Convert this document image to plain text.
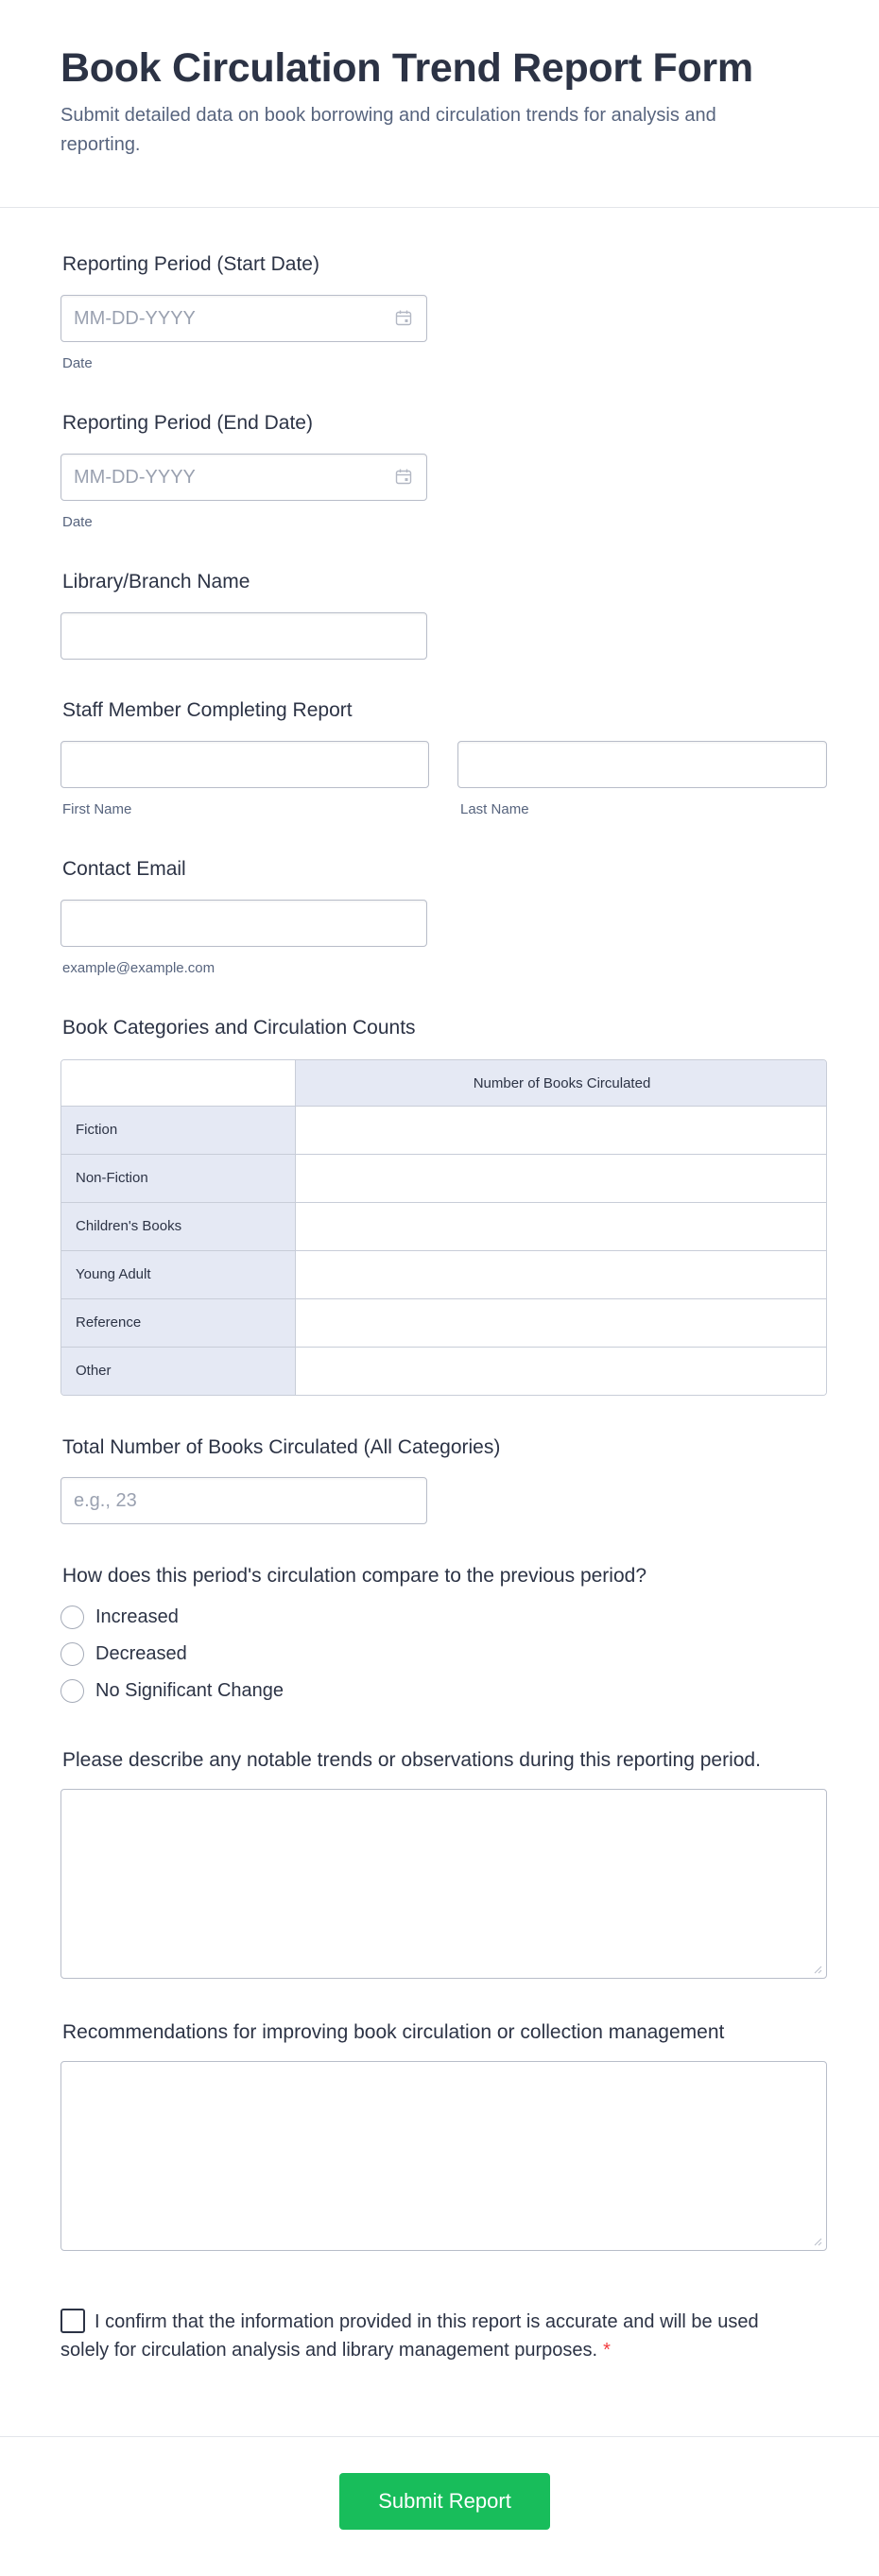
Book Circulation Trend Report Form
Submit detailed data on book borrowing and circulation trends for analysis and reporting.
Reporting Period (Start Date)
MM-DD-YYYY
Date
Reporting Period (End Date)
MM-DD-YYYY
Date
Library/Branch Name
Staff Member Completing Report
First Name	Last Name
Contact Email
example@example.com
Book Categories and Circulation Counts
Number of Books Circulated
Fiction
Non-Fiction
Children's Books
Young Adult
Reference
Other
Total Number of Books Circulated (All Categories)
e.g., 23
How does this period's circulation compare to the previous period?
Increased
Decreased
No Significant Change
Please describe any notable trends or observations during this reporting period.
Recommendations for improving book circulation or collection management
I confirm that the information provided in this report is accurate and will be used solely for circulation analysis and library management purposes. *
Submit Report
